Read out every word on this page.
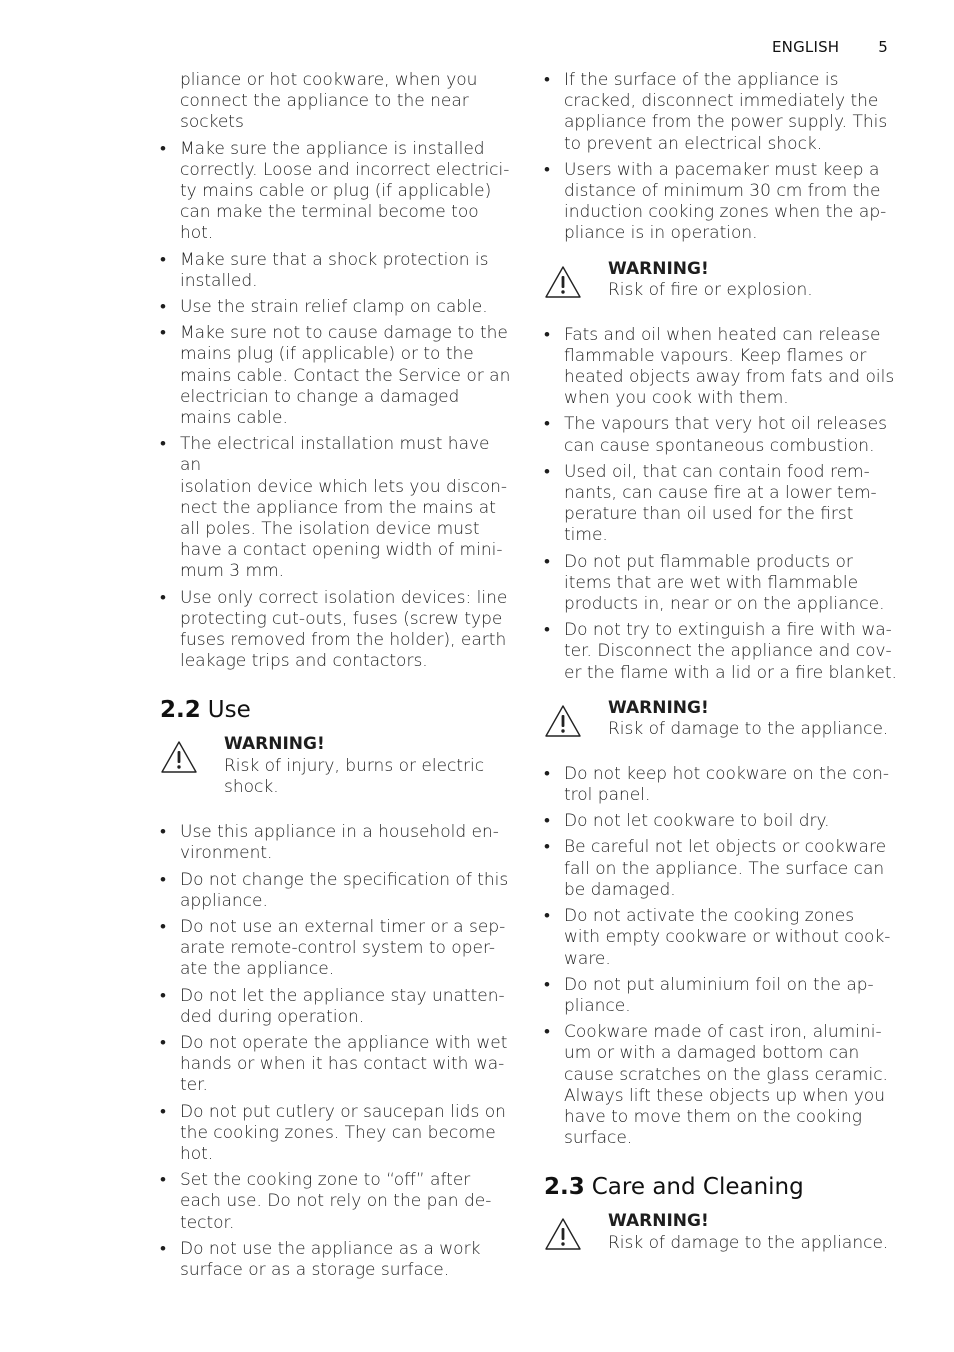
ENGLISH	5

pliance or hot cookware, when you
connect the appliance to the near
sockets

• Make sure the appliance is installed
correctly. Loose and incorrect electrici-
ty mains cable or plug (if applicable)
can make the terminal become too
hot.
• Make sure that a shock protection is
installed.
• Use the strain relief clamp on cable.
• Make sure not to cause damage to the
mains plug (if applicable) or to the
mains cable. Contact the Service or an
electrician to change a damaged
mains cable.
• The electrical installation must have an
isolation device which lets you discon-
nect the appliance from the mains at
all poles. The isolation device must
have a contact opening width of mini-
mum 3 mm.
• Use only correct isolation devices: line
protecting cut-outs, fuses (screw type
fuses removed from the holder), earth
leakage trips and contactors.
2.2 Use
WARNING!
Risk of injury, burns or electric
shock.
• Use this appliance in a household en-
vironment.
• Do not change the specification of this
appliance.
• Do not use an external timer or a sep-
arate remote-control system to oper-
ate the appliance.
• Do not let the appliance stay unatten-
ded during operation.
• Do not operate the appliance with wet
hands or when it has contact with wa-
ter.
• Do not put cutlery or saucepan lids on
the cooking zones. They can become
hot.
• Set the cooking zone to “off” after
each use. Do not rely on the pan de-
tector.
• Do not use the appliance as a work
surface or as a storage surface.
• If the surface of the appliance is
cracked, disconnect immediately the
appliance from the power supply. This
to prevent an electrical shock.
• Users with a pacemaker must keep a
distance of minimum 30 cm from the
induction cooking zones when the ap-
pliance is in operation.
WARNING!
Risk of fire or explosion.
• Fats and oil when heated can release
flammable vapours. Keep flames or
heated objects away from fats and oils
when you cook with them.
• The vapours that very hot oil releases
can cause spontaneous combustion.
• Used oil, that can contain food rem-
nants, can cause fire at a lower tem-
perature than oil used for the first
time.
• Do not put flammable products or
items that are wet with flammable
products in, near or on the appliance.
• Do not try to extinguish a fire with wa-
ter. Disconnect the appliance and cov-
er the flame with a lid or a fire blanket.
WARNING!
Risk of damage to the appliance.
• Do not keep hot cookware on the con-
trol panel.
• Do not let cookware to boil dry.
• Be careful not let objects or cookware
fall on the appliance. The surface can
be damaged.
• Do not activate the cooking zones
with empty cookware or without cook-
ware.
• Do not put aluminium foil on the ap-
pliance.
• Cookware made of cast iron, alumini-
um or with a damaged bottom can
cause scratches on the glass ceramic.
Always lift these objects up when you
have to move them on the cooking
surface.
2.3 Care and Cleaning
WARNING!
Risk of damage to the appliance.
